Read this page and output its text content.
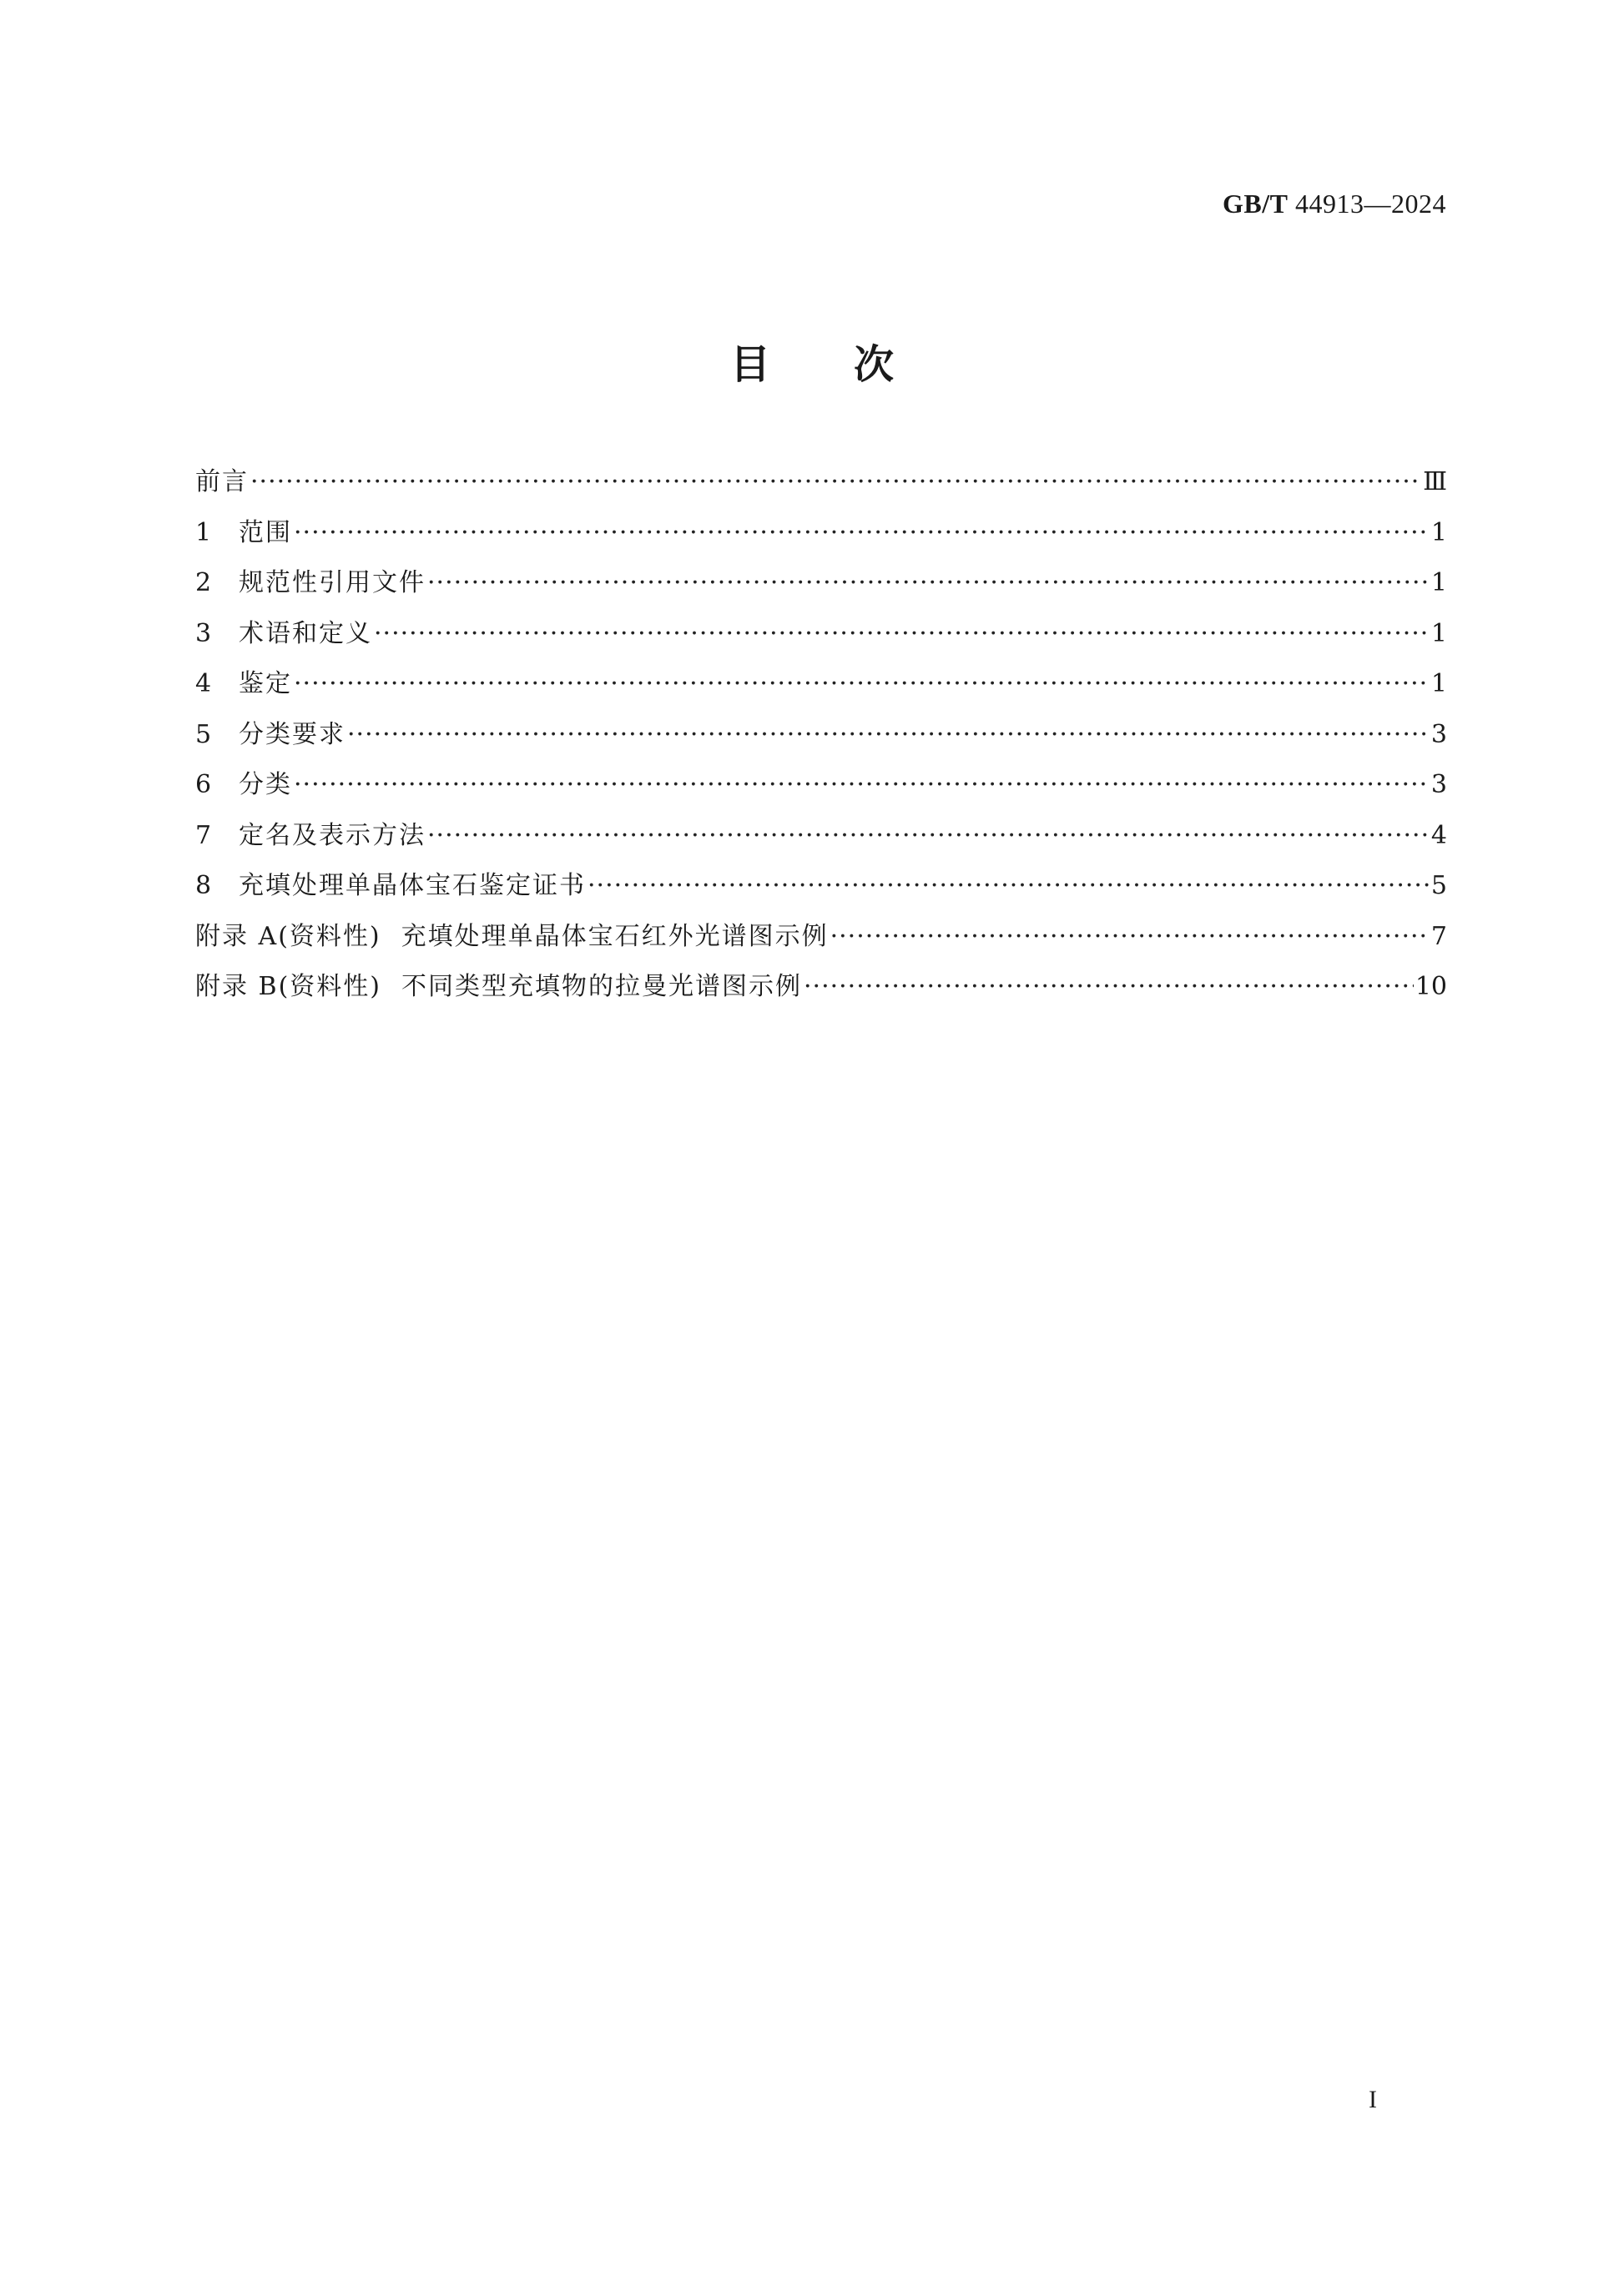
GB/T 44913—2024
目次
前言 ·····	Ⅲ
1	范围 ·····	1
2	规范性引用文件 ·····	1
3	术语和定义 ·····	1
4	鉴定 ·····	1
5	分类要求 ·····	3
6	分类 ·····	3
7	定名及表示方法 ·····	4
8	充填处理单晶体宝石鉴定证书 ·····	5
附录 A(资料性) 充填处理单晶体宝石红外光谱图示例 ·····	7
附录 B(资料性) 不同类型充填物的拉曼光谱图示例 ·····	10
I
